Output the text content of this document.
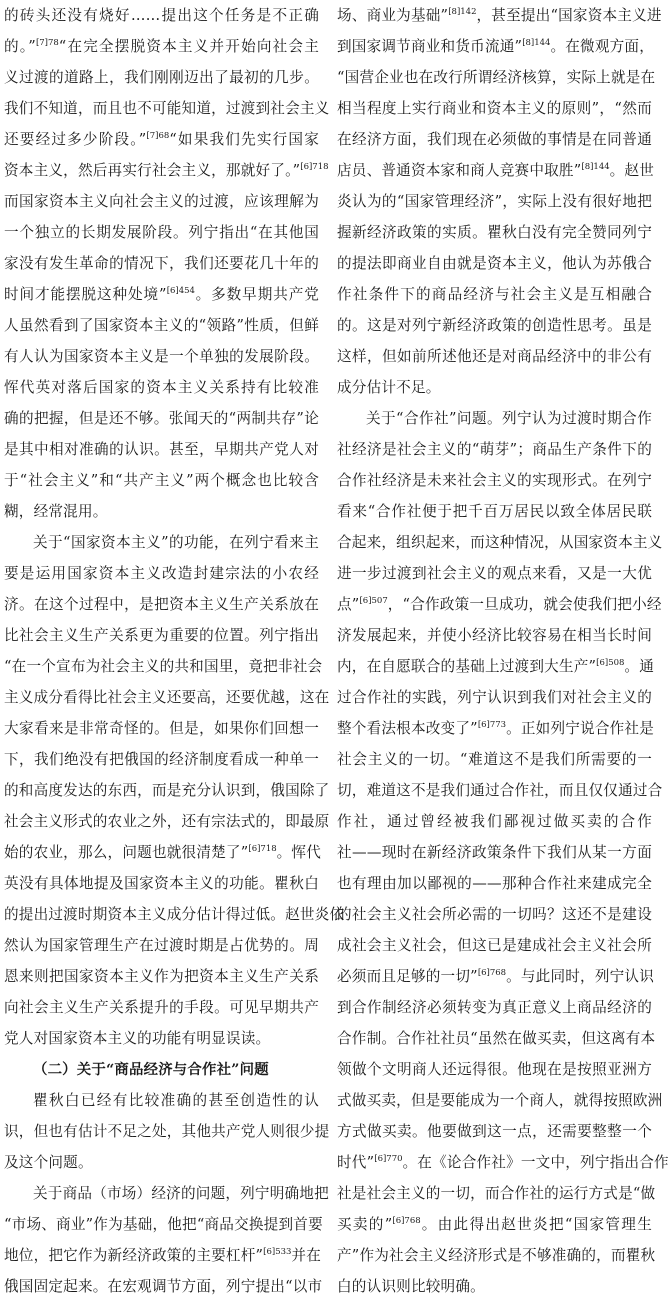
的砖头还没有烧好……提出这个任务是不正确
的。”$^{[7]78}$“在完全摆脱资本主义并开始向社会主
义过渡的道路上，我们刚刚迈出了最初的几步。
我们不知道，而且也不可能知道，过渡到社会主义
还要经过多少阶段。”$^{[7]68}$“如果我们先实行国家
资本主义，然后再实行社会主义，那就好了。”$^{[6]718}$
而国家资本主义向社会主义的过渡，应该理解为
一个独立的长期发展阶段。列宁指出“在其他国
家没有发生革命的情况下，我们还要花几十年的
时间才能摆脱这种处境”$^{[6]454}$。多数早期共产党
人虽然看到了国家资本主义的“领路”性质，但鲜
有人认为国家资本主义是一个单独的发展阶段。
恽代英对落后国家的资本主义关系持有比较准
确的把握，但是还不够。张闻天的“两制共存”论
是其中相对准确的认识。甚至，早期共产党人对
于“社会主义”和“共产主义”两个概念也比较含
糊，经常混用。
关于“国家资本主义”的功能，在列宁看来主
要是运用国家资本主义改造封建宗法的小农经
济。在这个过程中，是把资本主义生产关系放在
比社会主义生产关系更为重要的位置。列宁指出
“在一个宣布为社会主义的共和国里，竟把非社会
主义成分看得比社会主义还要高，还要优越，这在
大家看来是非常奇怪的。但是，如果你们回想一
下，我们绝没有把俄国的经济制度看成一种单一
的和高度发达的东西，而是充分认识到，俄国除了
社会主义形式的农业之外，还有宗法式的，即最原
始的农业，那么，问题也就很清楚了”$^{[6]718}$。恽代
英没有具体地提及国家资本主义的功能。瞿秋白
的提出过渡时期资本主义成分估计得过低。赵世炎依
然认为国家管理生产在过渡时期是占优势的。周
恩来则把国家资本主义作为把资本主义生产关系
向社会主义生产关系提升的手段。可见早期共产
党人对国家资本主义的功能有明显误读。
（二）关于“商品经济与合作社”问题
瞿秋白已经有比较准确的甚至创造性的认
识，但也有估计不足之处，其他共产党人则很少提
及这个问题。
关于商品（市场）经济的问题，列宁明确地把
“市场、商业”作为基础，他把“商品交换提到首要
地位，把它作为新经济政策的主要杠杆”$^{[6]533}$并在
俄国固定起来。在宏观调节方面，列宁提出“以市
场、商业为基础”$^{[8]142}$，甚至提出“国家资本主义进
到国家调节商业和货币流通”$^{[8]144}$。在微观方面，
“国营企业也在改行所谓经济核算，实际上就是在
相当程度上实行商业和资本主义的原则”，“然而
在经济方面，我们现在必须做的事情是在同普通
店员、普通资本家和商人竞赛中取胜”$^{[8]144}$。赵世
炎认为的“国家管理经济”，实际上没有很好地把
握新经济政策的实质。瞿秋白没有完全赞同列宁
的提法即商业自由就是资本主义，他认为苏俄合
作社条件下的商品经济与社会主义是互相融合
的。这是对列宁新经济政策的创造性思考。虽是
这样，但如前所述他还是对商品经济中的非公有
成分估计不足。
关于“合作社”问题。列宁认为过渡时期合作
社经济是社会主义的“萌芽”；商品生产条件下的
合作社经济是未来社会主义的实现形式。在列宁
看来“合作社便于把千百万居民以致全体居民联
合起来，组织起来，而这种情况，从国家资本主义
进一步过渡到社会主义的观点来看，又是一大优
点”$^{[6]507}$，“合作政策一旦成功，就会使我们把小经
济发展起来，并使小经济比较容易在相当长时间
内，在自愿联合的基础上过渡到大生产”$^{[6]508}$。通
过合作社的实践，列宁认识到我们对社会主义的
整个看法根本改变了”$^{[6]773}$。正如列宁说合作社是
社会主义的一切。“难道这不是我们所需要的一
切，难道这不是我们通过合作社，而且仅仅通过合
作社，通过曾经被我们鄙视过做买卖的合作
社——现时在新经济政策条件下我们从某一方面
也有理由加以鄙视的——那种合作社来建成完全
的社会主义社会所必需的一切吗？这还不是建设
成社会主义社会，但这已是建成社会主义社会所
必须而且足够的一切”$^{[6]768}$。与此同时，列宁认识
到合作制经济必须转变为真正意义上商品经济的
合作制。合作社社员“虽然在做买卖，但这离有本
领做个文明商人还远得很。他现在是按照亚洲方
式做买卖，但是要能成为一个商人，就得按照欧洲
方式做买卖。他要做到这一点，还需要整整一个
时代”$^{[6]770}$。在《论合作社》一文中，列宁指出合作
社是社会主义的一切，而合作社的运行方式是“做
买卖的”$^{[6]768}$。由此得出赵世炎把“国家管理生
产”作为社会主义经济形式是不够准确的，而瞿秋
白的认识则比较明确。
